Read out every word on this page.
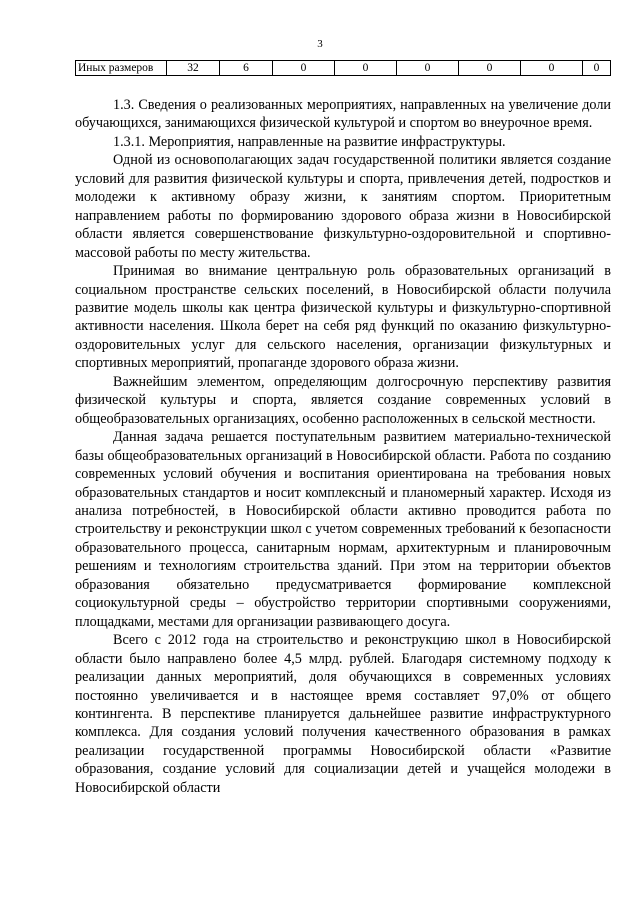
3
Иных размеров	32	6	0	0	0	0	0	0

1.3. Сведения о реализованных мероприятиях, направленных на увеличение доли обучающихся, занимающихся физической культурой и спортом во внеурочное время.

1.3.1. Мероприятия, направленные на развитие инфраструктуры.

Одной из основополагающих задач государственной политики является создание условий для развития физической культуры и спорта, привлечения детей, подростков и молодежи к активному образу жизни, к занятиям спортом. Приоритетным направлением работы по формированию здорового образа жизни в Новосибирской области является совершенствование физкультурно-оздоровительной и спортивно-массовой работы по месту жительства.

Принимая во внимание центральную роль образовательных организаций в социальном пространстве сельских поселений, в Новосибирской области получила развитие модель школы как центра физической культуры и физкультурно-спортивной активности населения. Школа берет на себя ряд функций по оказанию физкультурно-оздоровительных услуг для сельского населения, организации физкультурных и спортивных мероприятий, пропаганде здорового образа жизни.

Важнейшим элементом, определяющим долгосрочную перспективу развития физической культуры и спорта, является создание современных условий в общеобразовательных организациях, особенно расположенных в сельской местности.

Данная задача решается поступательным развитием материально-технической базы общеобразовательных организаций в Новосибирской области. Работа по созданию современных условий обучения и воспитания ориентирована на требования новых образовательных стандартов и носит комплексный и планомерный характер. Исходя из анализа потребностей, в Новосибирской области активно проводится работа по строительству и реконструкции школ с учетом современных требований к безопасности образовательного процесса, санитарным нормам, архитектурным и планировочным решениям и технологиям строительства зданий. При этом на территории объектов образования обязательно предусматривается формирование комплексной социокультурной среды – обустройство территории спортивными сооружениями, площадками, местами для организации развивающего досуга.

Всего с 2012 года на строительство и реконструкцию школ в Новосибирской области было направлено более 4,5 млрд. рублей. Благодаря системному подходу к реализации данных мероприятий, доля обучающихся в современных условиях постоянно увеличивается и в настоящее время составляет 97,0% от общего контингента. В перспективе планируется дальнейшее развитие инфраструктурного комплекса. Для создания условий получения качественного образования в рамках реализации государственной программы Новосибирской области «Развитие образования, создание условий для социализации детей и учащейся молодежи в Новосибирской области
